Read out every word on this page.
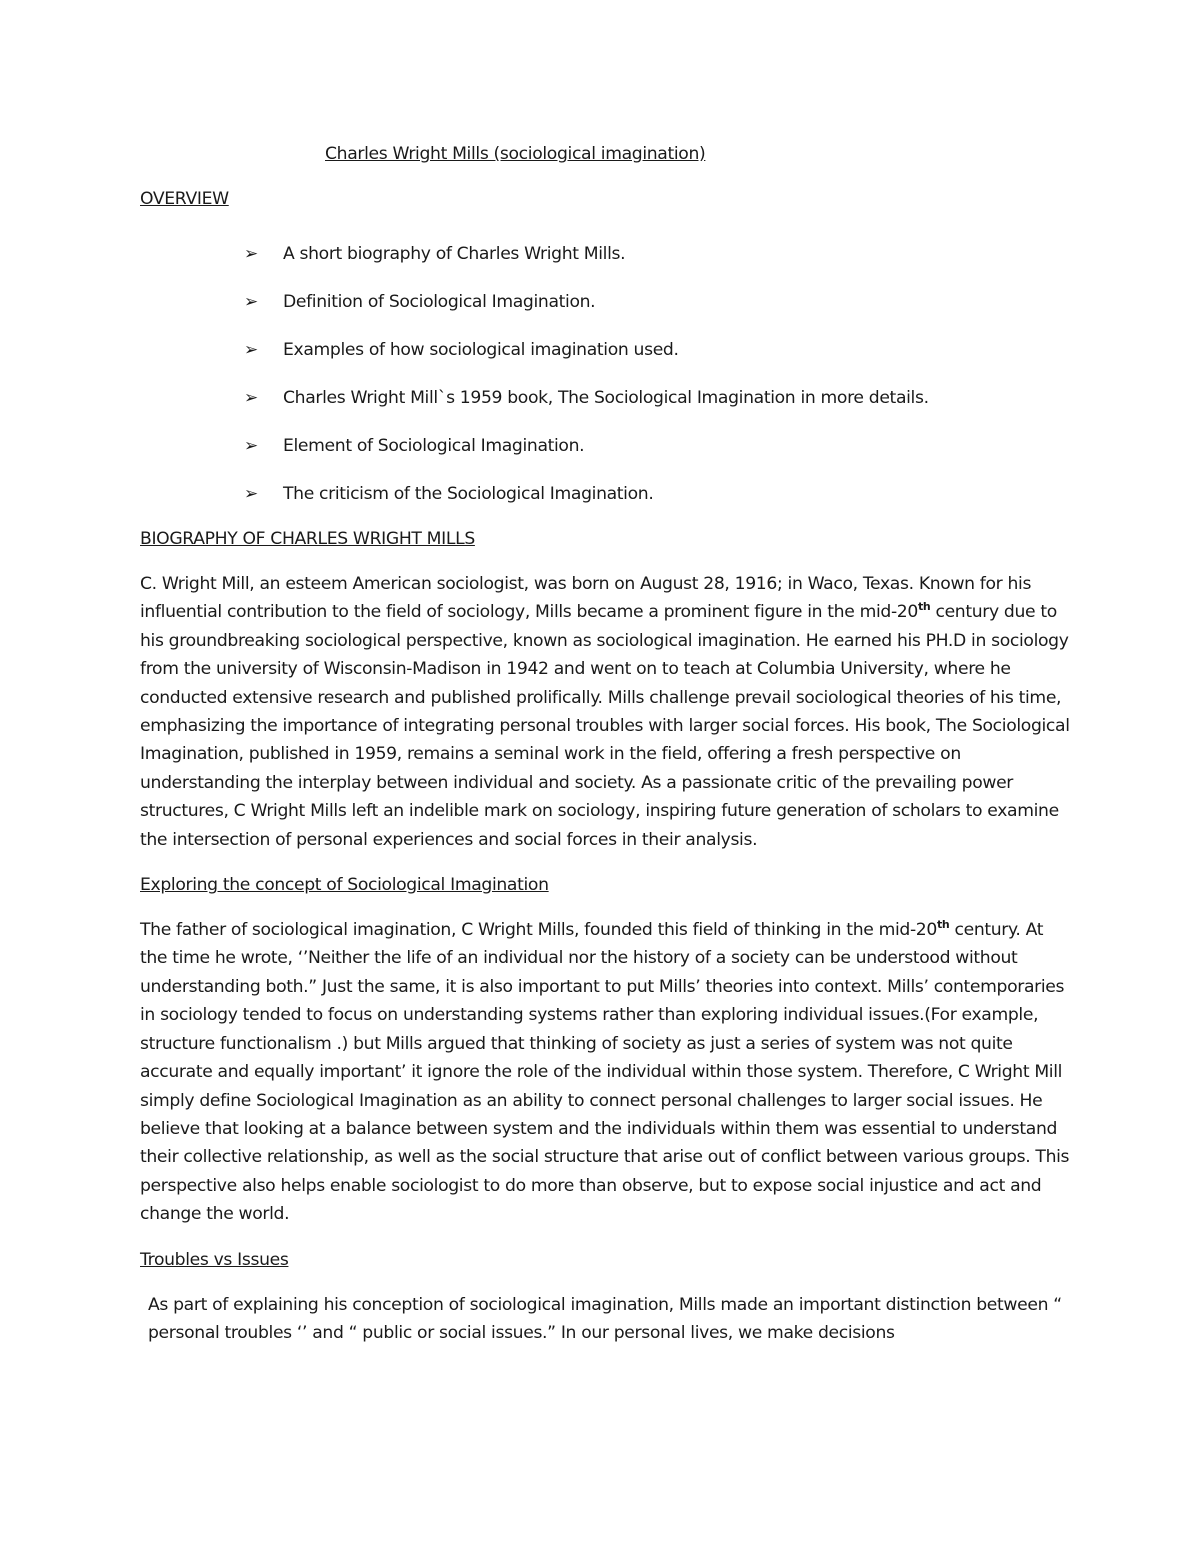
Charles Wright Mills (sociological imagination)
OVERVIEW
➢ A short biography of Charles Wright Mills.
➢ Definition of Sociological Imagination.
➢ Examples of how sociological imagination used.
➢ Charles Wright Mill`s 1959 book, The Sociological Imagination in more details.
➢ Element of Sociological Imagination.
➢ The criticism of the Sociological Imagination.
BIOGRAPHY OF CHARLES WRIGHT MILLS

C. Wright Mill, an esteem American sociologist, was born on August 28, 1916; in Waco, Texas. Known for his influential contribution to the field of sociology, Mills became a prominent figure in the mid-20th century due to his groundbreaking sociological perspective, known as sociological imagination. He earned his PH.D in sociology from the university of Wisconsin-Madison in 1942 and went on to teach at Columbia University, where he conducted extensive research and published prolifically. Mills challenge prevail sociological theories of his time, emphasizing the importance of integrating personal troubles with larger social forces. His book, The Sociological Imagination, published in 1959, remains a seminal work in the field, offering a fresh perspective on understanding the interplay between individual and society. As a passionate critic of the prevailing power structures, C Wright Mills left an indelible mark on sociology, inspiring future generation of scholars to examine the intersection of personal experiences and social forces in their analysis.

Exploring the concept of Sociological Imagination

The father of sociological imagination, C Wright Mills, founded this field of thinking in the mid-20th century. At the time he wrote, ‘’Neither the life of an individual nor the history of a society can be understood without understanding both.” Just the same, it is also important to put Mills’ theories into context. Mills’ contemporaries in sociology tended to focus on understanding systems rather than exploring individual issues.(For example, structure functionalism .) but Mills argued that thinking of society as just a series of system was not quite accurate and equally important’ it ignore the role of the individual within those system. Therefore, C Wright Mill simply define Sociological Imagination as an ability to connect personal challenges to larger social issues. He believe that looking at a balance between system and the individuals within them was essential to understand their collective relationship, as well as the social structure that arise out of conflict between various groups. This perspective also helps enable sociologist to do more than observe, but to expose social injustice and act and change the world.

Troubles vs Issues

As part of explaining his conception of sociological imagination, Mills made an important distinction between “ personal troubles ‘’ and “ public or social issues.” In our personal lives, we make decisions
